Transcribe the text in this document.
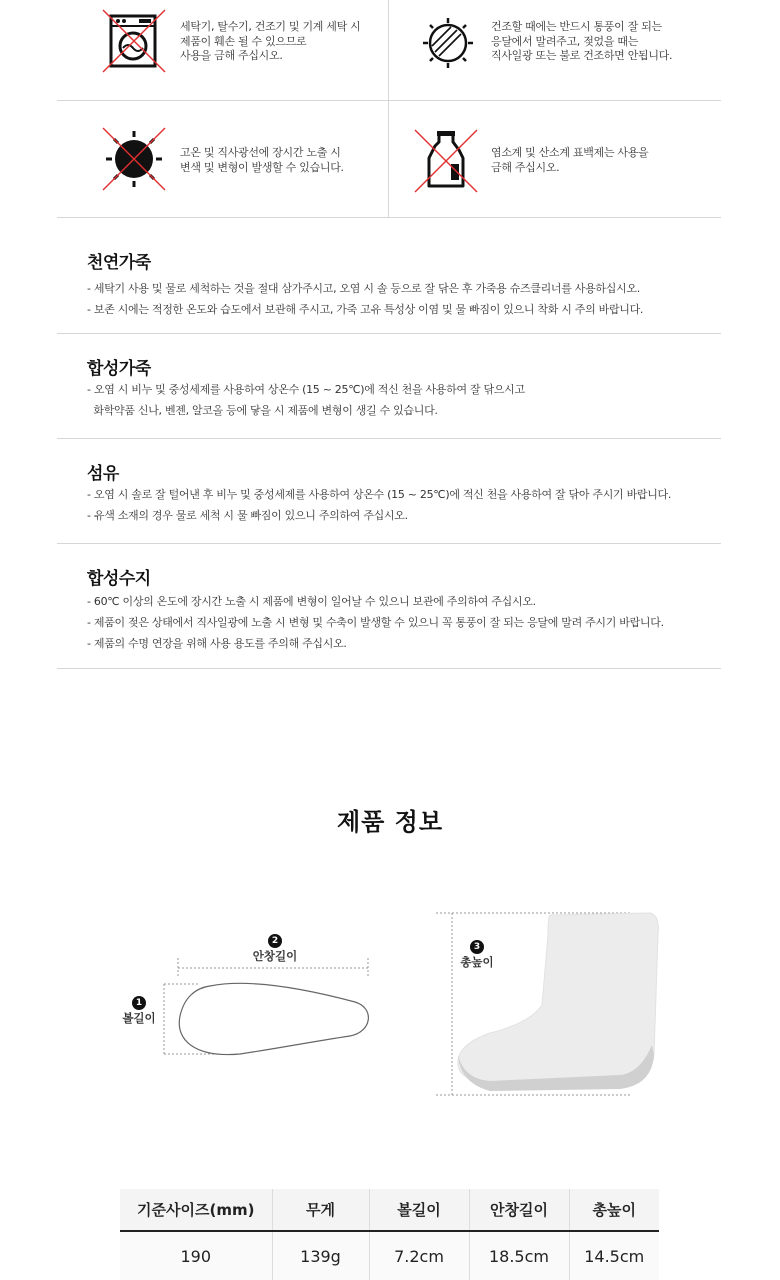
세탁기, 탈수기, 건조기 및 기계 세탁 시
제품이 훼손 될 수 있으므로
사용을 금해 주십시오.
건조할 때에는 반드시 통풍이 잘 되는
응달에서 말려주고, 젖었을 때는
직사일광 또는 불로 건조하면 안됩니다.
고온 및 직사광선에 장시간 노출 시
변색 및 변형이 발생할 수 있습니다.
염소계 및 산소계 표백제는 사용을
금해 주십시오.
천연가죽
- 세탁기 사용 및 물로 세척하는 것을 절대 삼가주시고, 오염 시 솔 등으로 잘 닦은 후 가죽용 슈즈클리너를 사용하십시오.
- 보존 시에는 적정한 온도와 습도에서 보관해 주시고, 가죽 고유 특성상 이염 및 물 빠짐이 있으니 착화 시 주의 바랍니다.
합성가죽
- 오염 시 비누 및 중성세제를 사용하여 상온수 (15 ~ 25℃)에 적신 천을 사용하여 잘 닦으시고
화학약품 신나, 벤젠, 알코올 등에 닿을 시 제품에 변형이 생길 수 있습니다.
섬유
- 오염 시 솔로 잘 털어낸 후 비누 및 중성세제를 사용하여 상온수 (15 ~ 25℃)에 적신 천을 사용하여 잘 닦아 주시기 바랍니다.
- 유색 소재의 경우 물로 세척 시 물 빠짐이 있으니 주의하여 주십시오.
합성수지
- 60℃ 이상의 온도에 장시간 노출 시 제품에 변형이 일어날 수 있으니 보관에 주의하여 주십시오.
- 제품이 젖은 상태에서 직사일광에 노출 시 변형 및 수축이 발생할 수 있으니 꼭 통풍이 잘 되는 응달에 말려 주시기 바랍니다.
- 제품의 수명 연장을 위해 사용 용도를 주의해 주십시오.
제품 정보
2
안창길이
1
볼길이
3
총높이
기준사이즈(mm)	무게	볼길이	안창길이	총높이
190	139g	7.2cm	18.5cm	14.5cm
